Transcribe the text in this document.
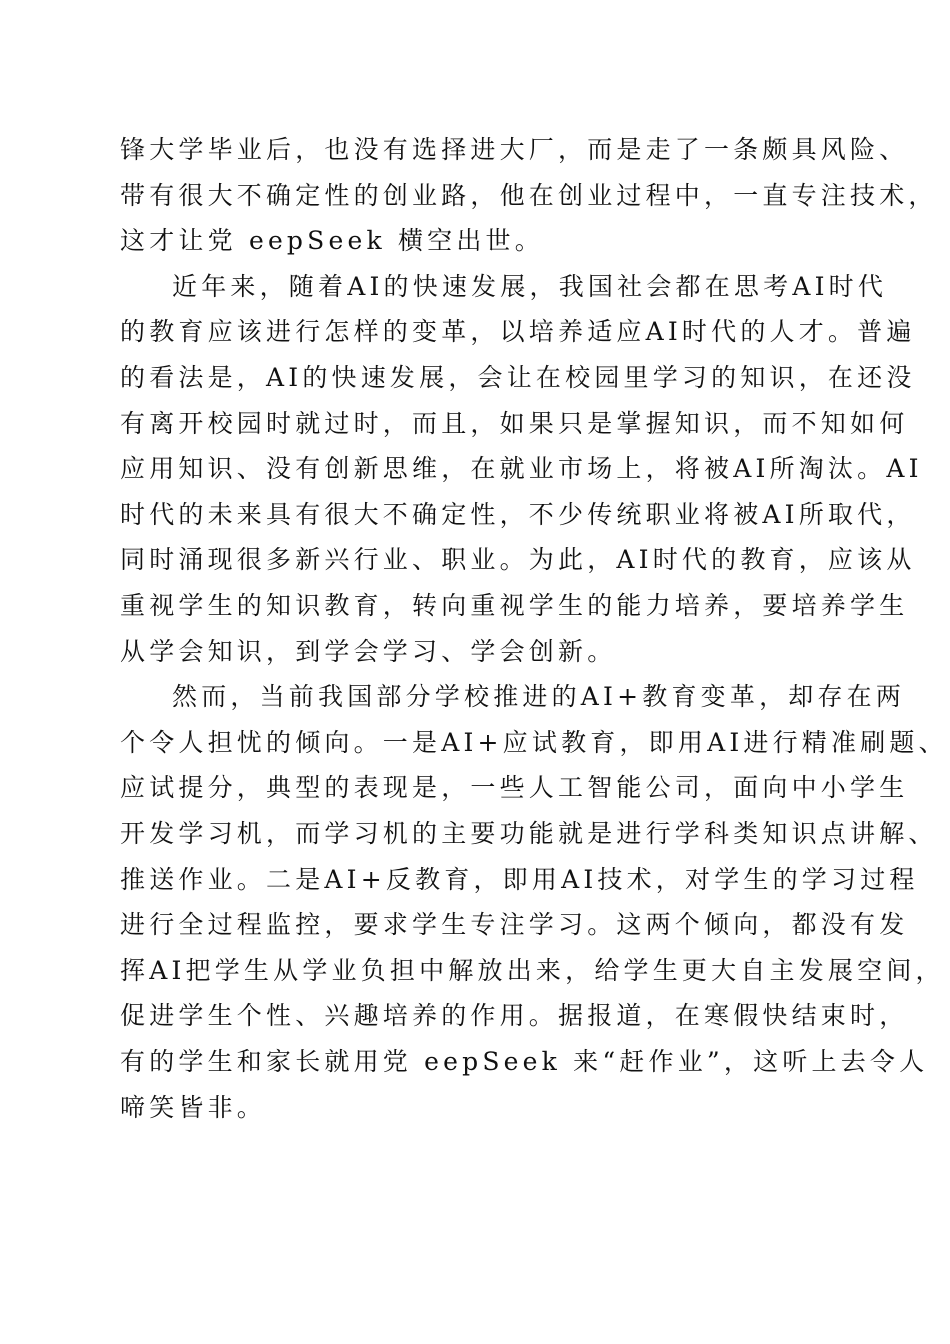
锋大学毕业后，也没有选择进大厂，而是走了一条颇具风险、
带有很大不确定性的创业路，他在创业过程中，一直专注技术，
这才让党 eepSeek 横空出世。
近年来，随着AI的快速发展，我国社会都在思考AI时代
的教育应该进行怎样的变革，以培养适应AI时代的人才。普遍
的看法是，AI的快速发展，会让在校园里学习的知识，在还没
有离开校园时就过时，而且，如果只是掌握知识，而不知如何
应用知识、没有创新思维，在就业市场上，将被AI所淘汰。AI
时代的未来具有很大不确定性，不少传统职业将被AI所取代，
同时涌现很多新兴行业、职业。为此，AI时代的教育，应该从
重视学生的知识教育，转向重视学生的能力培养，要培养学生
从学会知识，到学会学习、学会创新。
然而，当前我国部分学校推进的AI+教育变革，却存在两
个令人担忧的倾向。一是AI+应试教育，即用AI进行精准刷题、
应试提分，典型的表现是，一些人工智能公司，面向中小学生
开发学习机，而学习机的主要功能就是进行学科类知识点讲解、
推送作业。二是AI+反教育，即用AI技术，对学生的学习过程
进行全过程监控，要求学生专注学习。这两个倾向，都没有发
挥AI把学生从学业负担中解放出来，给学生更大自主发展空间，
促进学生个性、兴趣培养的作用。据报道，在寒假快结束时，
有的学生和家长就用党 eepSeek 来“赶作业”，这听上去令人
啼笑皆非。
